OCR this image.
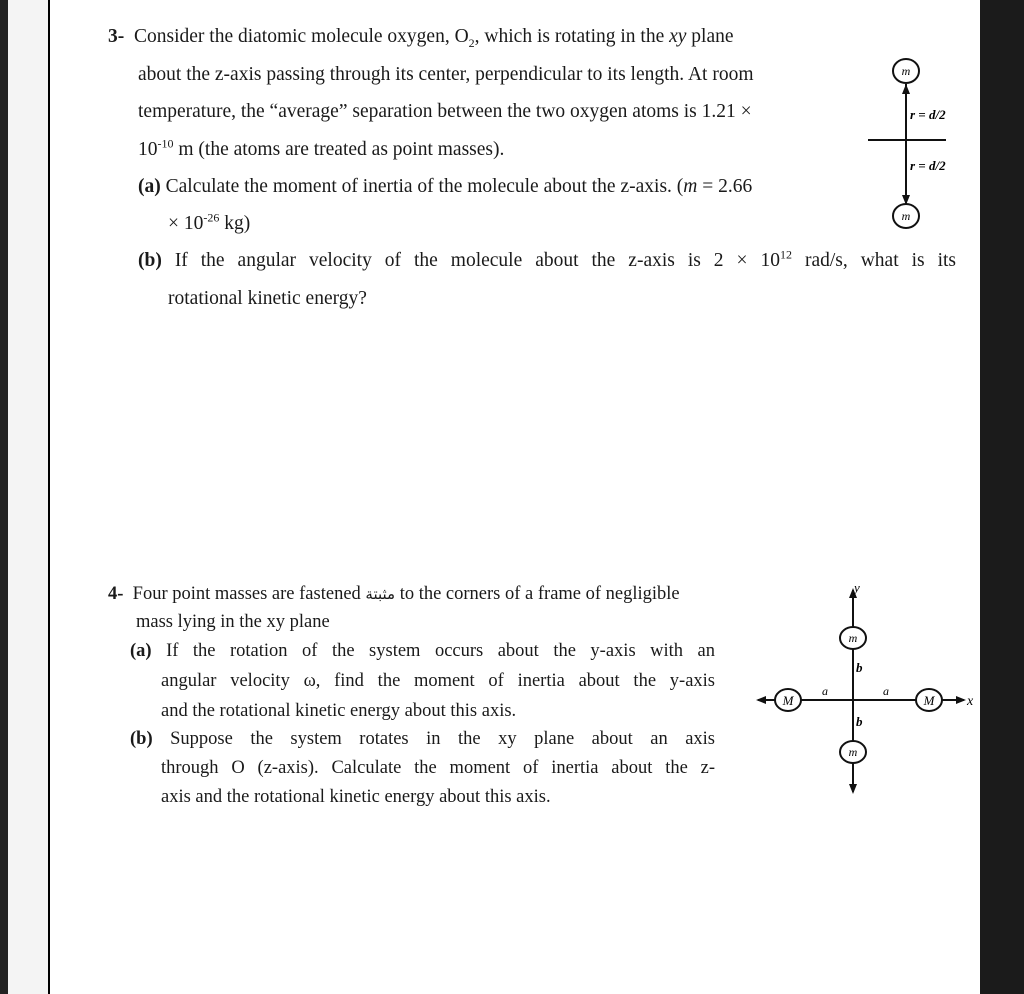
3- Consider the diatomic molecule oxygen, $O_2$, which is rotating in the xy plane
about the z-axis passing through its center, perpendicular to its length. At room
temperature, the “average” separation between the two oxygen atoms is 1.21 ×
$10^{-10}$ m (the atoms are treated as point masses).
(a) Calculate the moment of inertia of the molecule about the z-axis. (m = 2.66
× $10^{-26}$ kg)
(b) If the angular velocity of the molecule about the z-axis is $2 \times 10^{12}$ rad/s, what is its
rotational kinetic energy?
m
m
r = d/2
r = d/2
4- Four point masses are fastened مثبتة to the corners of a frame of negligible
mass lying in the xy plane
(a) If the rotation of the system occurs about the y-axis with an
angular velocity ω, find the moment of inertia about the y-axis
and the rotational kinetic energy about this axis.
(b) Suppose the system rotates in the xy plane about an axis
through O (z-axis). Calculate the moment of inertia about the z-
axis and the rotational kinetic energy about this axis.
y
x
m
m
M	M
a	a
b
b
